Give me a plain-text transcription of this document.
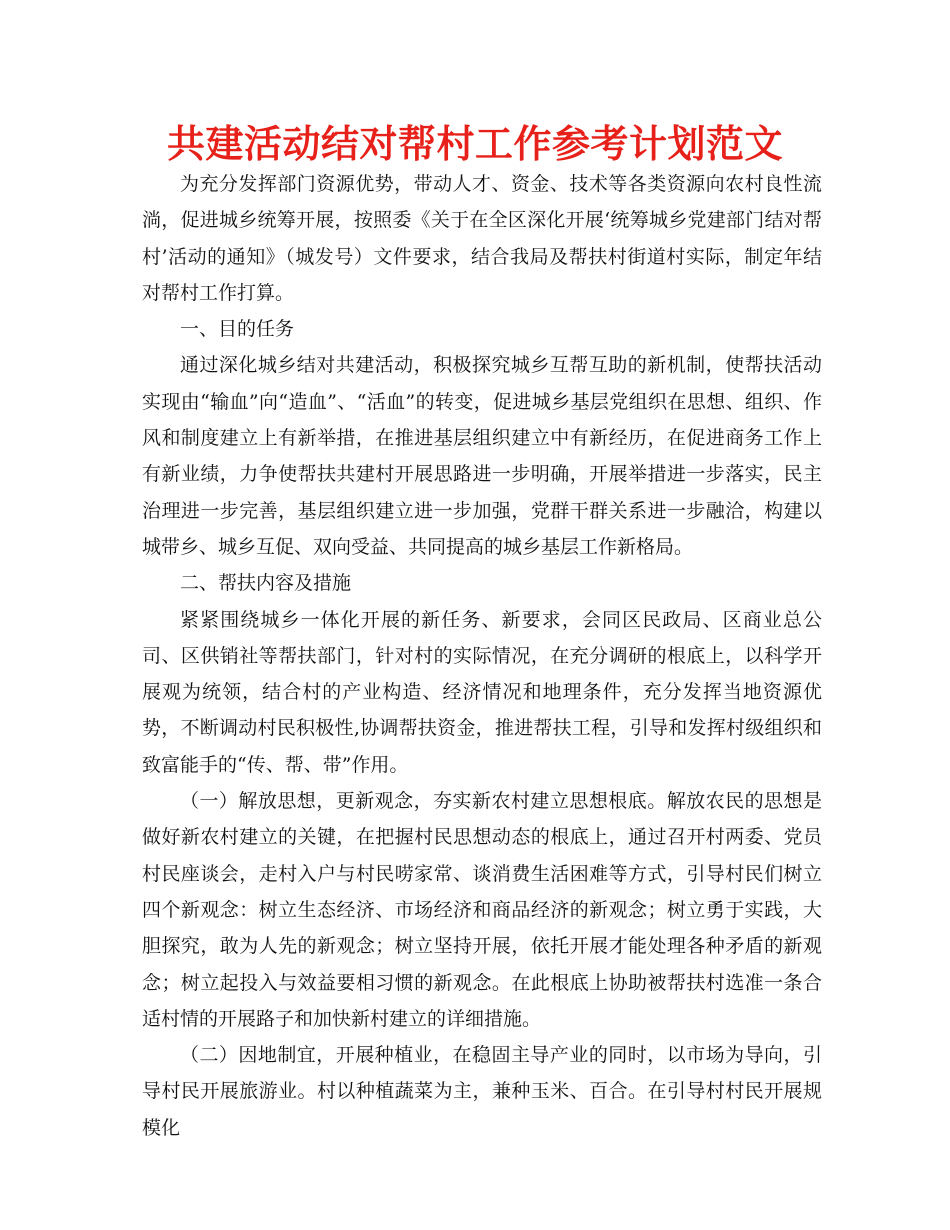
共建活动结对帮村工作参考计划范文

为充分发挥部门资源优势，带动人才、资金、技术等各类资源向农村良性流淌，促进城乡统筹开展，按照委《关于在全区深化开展‘统筹城乡党建部门结对帮村’活动的通知》（城发号）文件要求，结合我局及帮扶村街道村实际，制定年结对帮村工作打算。

一、目的任务

通过深化城乡结对共建活动，积极探究城乡互帮互助的新机制，使帮扶活动实现由“输血”向“造血”、“活血”的转变，促进城乡基层党组织在思想、组织、作风和制度建立上有新举措，在推进基层组织建立中有新经历，在促进商务工作上有新业绩，力争使帮扶共建村开展思路进一步明确，开展举措进一步落实，民主治理进一步完善，基层组织建立进一步加强，党群干群关系进一步融洽，构建以城带乡、城乡互促、双向受益、共同提高的城乡基层工作新格局。

二、帮扶内容及措施

紧紧围绕城乡一体化开展的新任务、新要求，会同区民政局、区商业总公司、区供销社等帮扶部门，针对村的实际情况，在充分调研的根底上，以科学开展观为统领，结合村的产业构造、经济情况和地理条件，充分发挥当地资源优势，不断调动村民积极性,协调帮扶资金，推进帮扶工程，引导和发挥村级组织和致富能手的“传、帮、带”作用。

（一）解放思想，更新观念，夯实新农村建立思想根底。解放农民的思想是做好新农村建立的关键，在把握村民思想动态的根底上，通过召开村两委、党员村民座谈会，走村入户与村民唠家常、谈消费生活困难等方式，引导村民们树立四个新观念：树立生态经济、市场经济和商品经济的新观念；树立勇于实践，大胆探究，敢为人先的新观念；树立坚持开展，依托开展才能处理各种矛盾的新观念；树立起投入与效益要相习惯的新观念。在此根底上协助被帮扶村选准一条合适村情的开展路子和加快新村建立的详细措施。

（二）因地制宜，开展种植业，在稳固主导产业的同时，以市场为导向，引导村民开展旅游业。村以种植蔬菜为主，兼种玉米、百合。在引导村村民开展规模化
